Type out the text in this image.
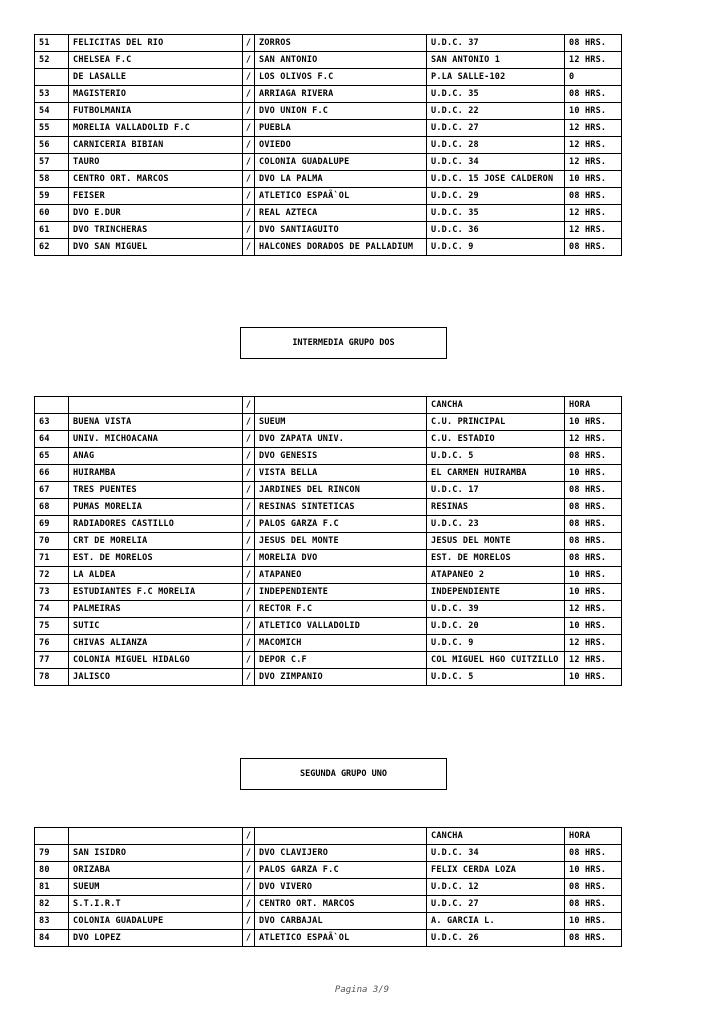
51	FELICITAS DEL RIO	/	ZORROS	U.D.C. 37	08 HRS.
52	CHELSEA F.C	/	SAN ANTONIO	SAN ANTONIO 1	12 HRS.
	DE LASALLE	/	LOS OLIVOS F.C	P.LA SALLE-102	0
53	MAGISTERIO	/	ARRIAGA RIVERA	U.D.C. 35	08 HRS.
54	FUTBOLMANIA	/	DVO UNION F.C	U.D.C. 22	10 HRS.
55	MORELIA VALLADOLID F.C	/	PUEBLA	U.D.C. 27	12 HRS.
56	CARNICERIA BIBIAN	/	OVIEDO	U.D.C. 28	12 HRS.
57	TAURO	/	COLONIA GUADALUPE	U.D.C. 34	12 HRS.
58	CENTRO ORT. MARCOS	/	DVO LA PALMA	U.D.C. 15 JOSE CALDERON	10 HRS.
59	FEISER	/	ATLETICO ESPAÃ`OL	U.D.C. 29	08 HRS.
60	DVO E.DUR	/	REAL AZTECA	U.D.C. 35	12 HRS.
61	DVO TRINCHERAS	/	DVO SANTIAGUITO	U.D.C. 36	12 HRS.
62	DVO SAN MIGUEL	/	HALCONES DORADOS DE PALLADIUM	U.D.C. 9	08 HRS.
INTERMEDIA GRUPO DOS
		/		CANCHA	HORA
63	BUENA VISTA	/	SUEUM	C.U. PRINCIPAL	10 HRS.
64	UNIV. MICHOACANA	/	DVO ZAPATA UNIV.	C.U. ESTADIO	12 HRS.
65	ANAG	/	DVO GENESIS	U.D.C. 5	08 HRS.
66	HUIRAMBA	/	VISTA BELLA	EL CARMEN HUIRAMBA	10 HRS.
67	TRES PUENTES	/	JARDINES DEL RINCON	U.D.C. 17	08 HRS.
68	PUMAS MORELIA	/	RESINAS SINTETICAS	RESINAS	08 HRS.
69	RADIADORES CASTILLO	/	PALOS GARZA F.C	U.D.C. 23	08 HRS.
70	CRT DE MORELIA	/	JESUS DEL MONTE	JESUS DEL MONTE	08 HRS.
71	EST. DE MORELOS	/	MORELIA DVO	EST. DE MORELOS	08 HRS.
72	LA ALDEA	/	ATAPANEO	ATAPANEO 2	10 HRS.
73	ESTUDIANTES F.C MORELIA	/	INDEPENDIENTE	INDEPENDIENTE	10 HRS.
74	PALMEIRAS	/	RECTOR F.C	U.D.C. 39	12 HRS.
75	SUTIC	/	ATLETICO VALLADOLID	U.D.C. 20	10 HRS.
76	CHIVAS ALIANZA	/	MACOMICH	U.D.C. 9	12 HRS.
77	COLONIA MIGUEL HIDALGO	/	DEPOR C.F	COL MIGUEL HGO CUITZILLO	12 HRS.
78	JALISCO	/	DVO ZIMPANIO	U.D.C. 5	10 HRS.
SEGUNDA GRUPO UNO
		/		CANCHA	HORA
79	SAN ISIDRO	/	DVO CLAVIJERO	U.D.C. 34	08 HRS.
80	ORIZABA	/	PALOS GARZA F.C	FELIX CERDA LOZA	10 HRS.
81	SUEUM	/	DVO VIVERO	U.D.C. 12	08 HRS.
82	S.T.I.R.T	/	CENTRO ORT. MARCOS	U.D.C. 27	08 HRS.
83	COLONIA GUADALUPE	/	DVO CARBAJAL	A. GARCIA L.	10 HRS.
84	DVO LOPEZ	/	ATLETICO ESPAÃ`OL	U.D.C. 26	08 HRS.
Pagina 3/9
